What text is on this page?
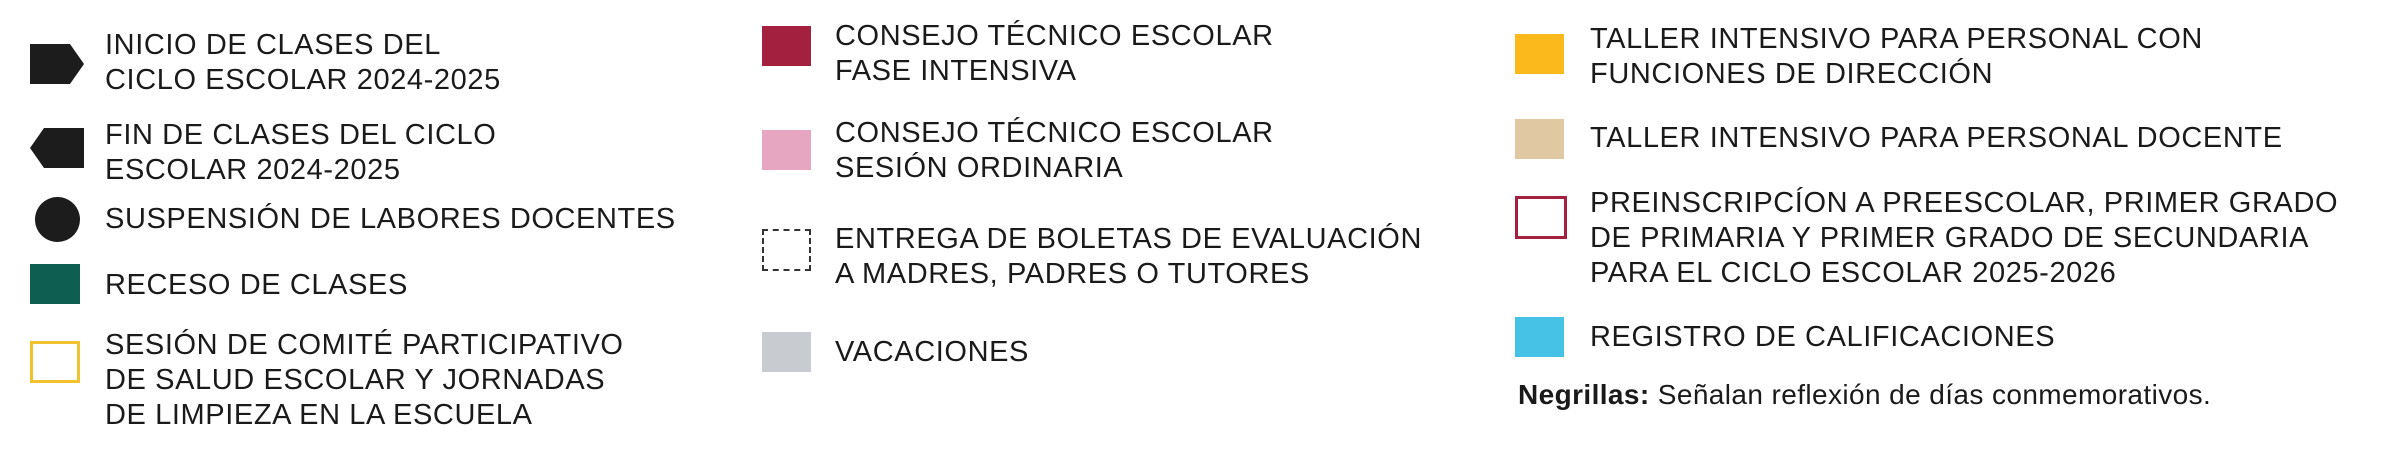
INICIO DE CLASES DEL
CICLO ESCOLAR 2024-2025
FIN DE CLASES DEL CICLO
ESCOLAR 2024-2025
SUSPENSIÓN DE LABORES DOCENTES
RECESO DE CLASES
SESIÓN DE COMITÉ PARTICIPATIVO
DE SALUD ESCOLAR Y JORNADAS
DE LIMPIEZA EN LA ESCUELA
CONSEJO TÉCNICO ESCOLAR
FASE INTENSIVA
CONSEJO TÉCNICO ESCOLAR
SESIÓN ORDINARIA
ENTREGA DE BOLETAS DE EVALUACIÓN
A MADRES, PADRES O TUTORES
VACACIONES
TALLER INTENSIVO PARA PERSONAL CON
FUNCIONES DE DIRECCIÓN
TALLER INTENSIVO PARA PERSONAL DOCENTE
PREINSCRIPCÍON A PREESCOLAR, PRIMER GRADO
DE PRIMARIA Y PRIMER GRADO DE SECUNDARIA
PARA EL CICLO ESCOLAR 2025-2026
REGISTRO DE CALIFICACIONES
Negrillas: Señalan reflexión de días conmemorativos.
